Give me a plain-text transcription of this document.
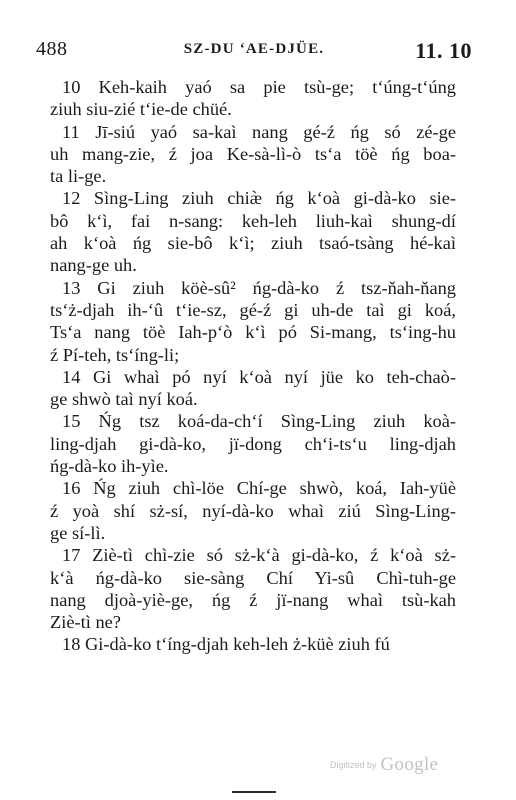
488	SZ-DU ʻAE-DJÜE.	11. 10
10 Keh-kaih yaó sa pie tsù-ge; tʻúng-tʻúng
ziuh siu-zié tʻie-de chüé.
11 Jī-siú yaó sa-kaì nang gé-ź ńg só zé-ge
uh mang-zie, ź joa Ke-sà-lì-ò tsʻa töè ńg boa-
ta li-ge.
12 Sìng-Ling ziuh chiæ̀ ńg kʻoà gi-dà-ko sie-
bô kʻì, fai n-sang: keh-leh liuh-kaì shung-dí
ah kʻoà ńg sie-bô kʻì; ziuh tsaó-tsàng hé-kaì
nang-ge uh.
13 Gi ziuh köè-sû² ńg-dà-ko ź tsz-ňah-ňang
tsʻż-djah ih-ʻû tʻie-sz, gé-ź gi uh-de taì gi koá,
Tsʻa nang töè Iah-pʻò kʻì pó Si-mang, tsʻing-hu
ź Pí-teh, tsʻíng-li;
14 Gi whaì pó nyí kʻoà nyí jüe ko teh-chaò-
ge shwò taì nyí koá.
15 Ńg tsz koá-da-chʻí Sìng-Ling ziuh koà-
ling-djah gi-dà-ko, jï-dong chʻi-tsʻu ling-djah
ńg-dà-ko ih-yìe.
16 Ńg ziuh chì-löe Chí-ge shwò, koá, Iah-yüè
ź yoà shí sż-sí, nyí-dà-ko whaì ziú Sìng-Ling-
ge sí-lì.
17 Ziè-tì chì-zie só sż-kʻà gi-dà-ko, ź kʻoà sż-
kʻà ńg-dà-ko sie-sàng Chí Yi-sû Chì-tuh-ge
nang djoà-yiè-ge, ńg ź jï-nang whaì tsù-kah
Ziè-tì ne?
18 Gi-dà-ko tʻíng-djah keh-leh ż-küè ziuh fú
Digitized by Google
